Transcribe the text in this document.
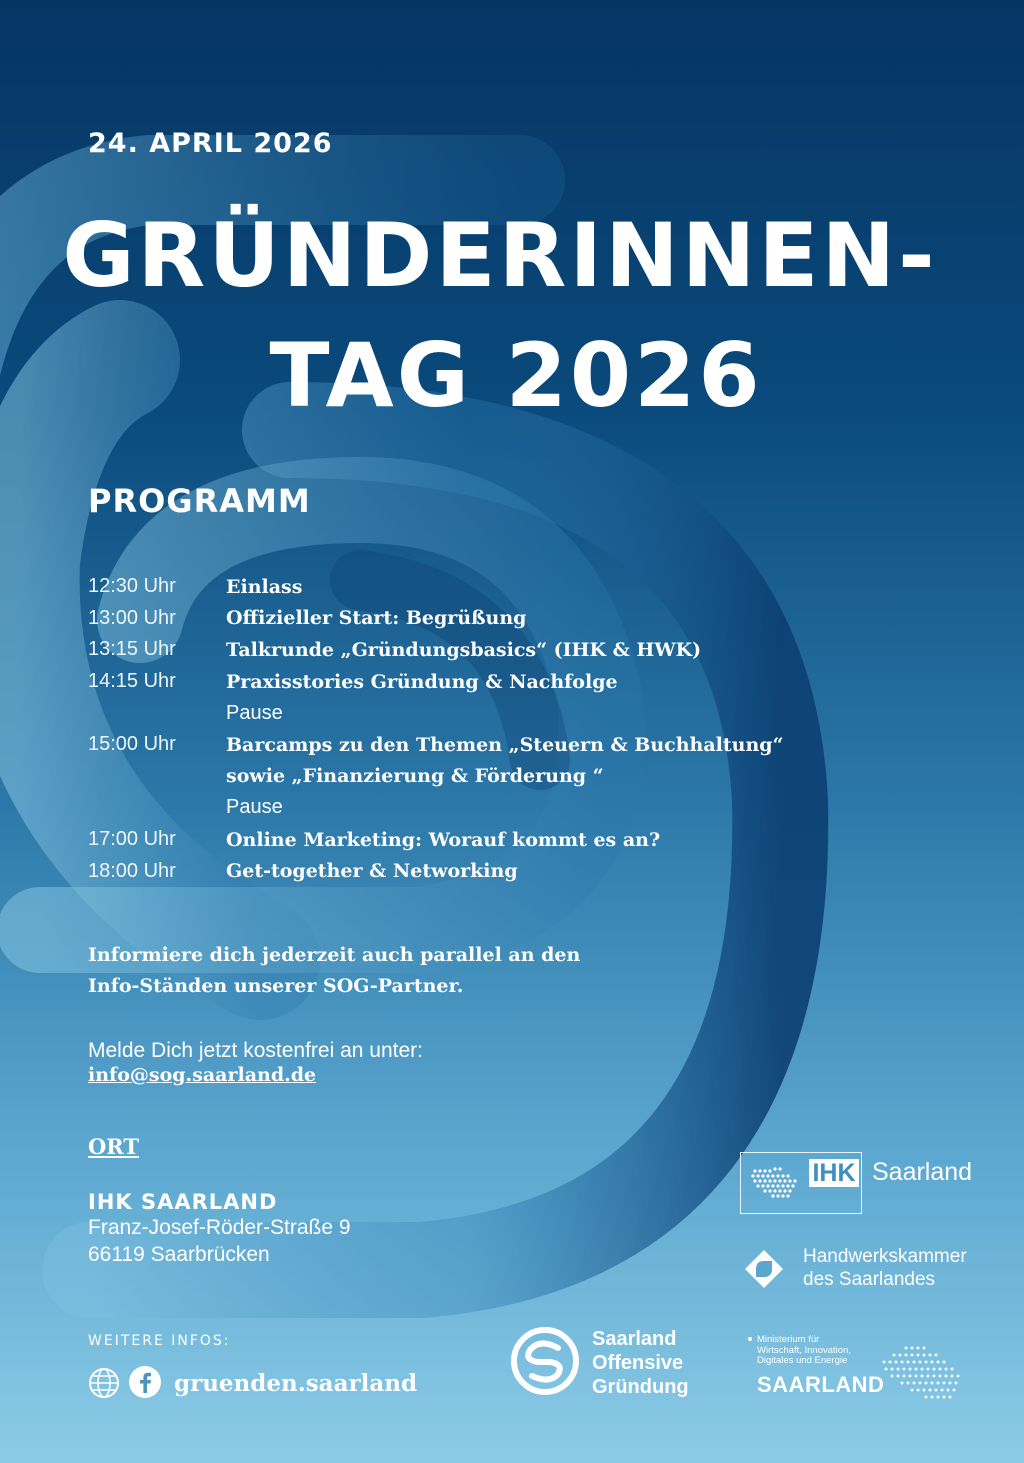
24. APRIL 2026
GRÜNDERINNEN-
TAG 2026
PROGRAMM
12:30 Uhr	Einlass
13:00 Uhr	Offizieller Start: Begrüßung
13:15 Uhr	Talkrunde „Gründungsbasics“ (IHK & HWK)
14:15 Uhr	Praxisstories Gründung & Nachfolge
Pause
15:00 Uhr	Barcamps zu den Themen „Steuern & Buchhaltung“
sowie „Finanzierung & Förderung “
Pause
17:00 Uhr	Online Marketing: Worauf kommt es an?
18:00 Uhr	Get-together & Networking
Informiere dich jederzeit auch parallel an den
Info-Ständen unserer SOG-Partner.
Melde Dich jetzt kostenfrei an unter:
info@sog.saarland.de
ORT
IHK SAARLAND
Franz-Josef-Röder-Straße 9
66119 Saarbrücken
WEITERE INFOS:
gruenden.saarland
IHK Saarland
Handwerkskammer
des Saarlandes
Saarland
Offensive
Gründung
Ministerium für
Wirtschaft, Innovation,
Digitales und Energie
SAARLAND
